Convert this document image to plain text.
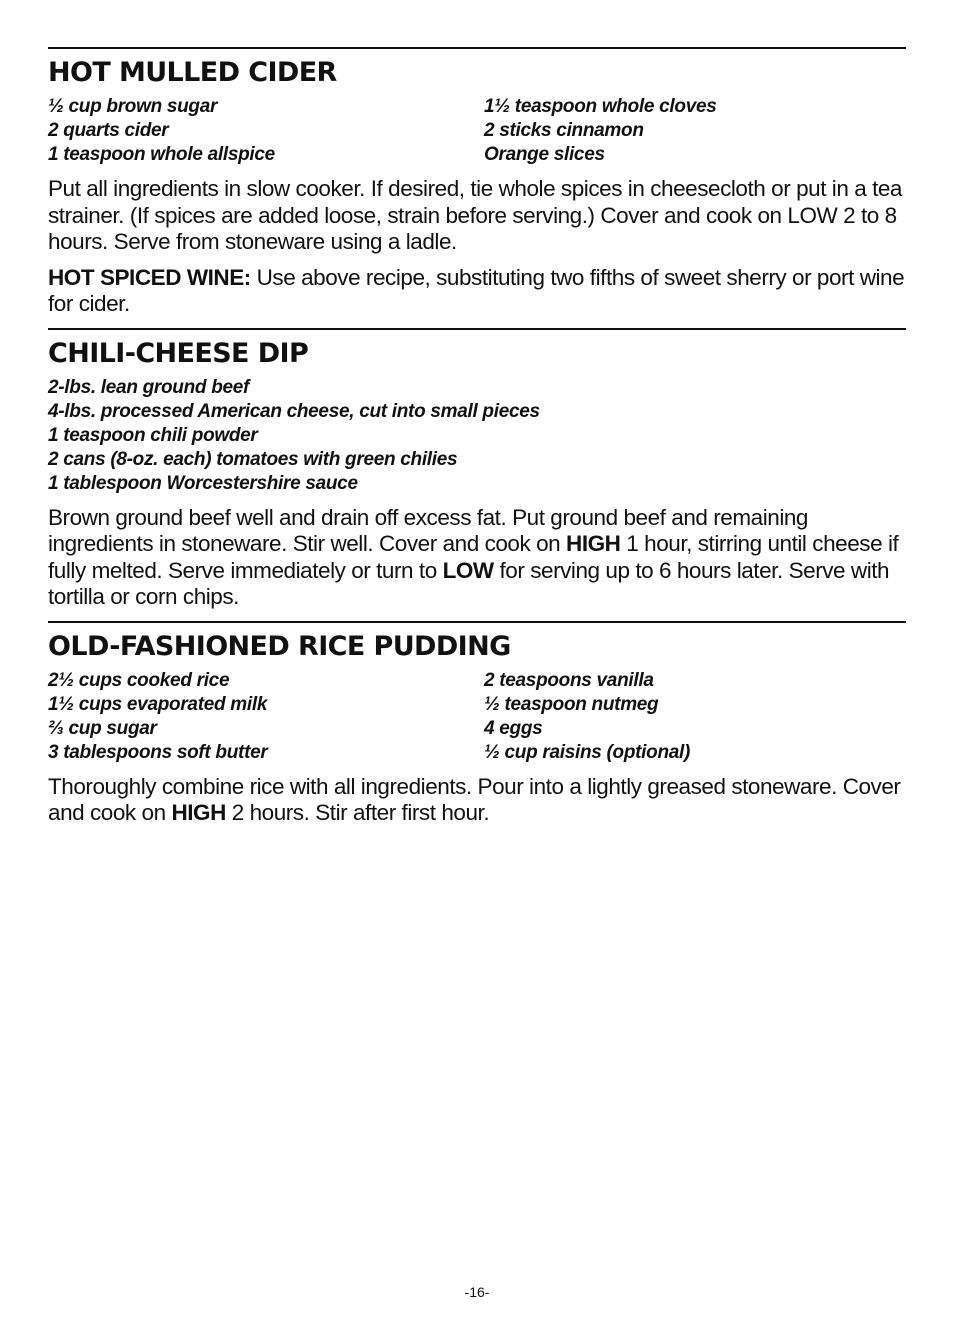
HOT MULLED CIDER
½ cup brown sugar
2 quarts cider
1 teaspoon whole allspice
1½ teaspoon whole cloves
2 sticks cinnamon
Orange slices

Put all ingredients in slow cooker. If desired, tie whole spices in cheesecloth or put in a tea strainer. (If spices are added loose, strain before serving.) Cover and cook on LOW 2 to 8 hours. Serve from stoneware using a ladle.

HOT SPICED WINE: Use above recipe, substituting two fifths of sweet sherry or port wine for cider.

CHILI-CHEESE DIP
2-lbs. lean ground beef
4-lbs. processed American cheese, cut into small pieces
1 teaspoon chili powder
2 cans (8-oz. each) tomatoes with green chilies
1 tablespoon Worcestershire sauce

Brown ground beef well and drain off excess fat. Put ground beef and remaining ingredients in stoneware. Stir well. Cover and cook on HIGH 1 hour, stirring until cheese if fully melted. Serve immediately or turn to LOW for serving up to 6 hours later. Serve with tortilla or corn chips.

OLD-FASHIONED RICE PUDDING
2½ cups cooked rice
1½ cups evaporated milk
⅔ cup sugar
3 tablespoons soft butter
2 teaspoons vanilla
½ teaspoon nutmeg
4 eggs
½ cup raisins (optional)

Thoroughly combine rice with all ingredients. Pour into a lightly greased stoneware. Cover and cook on HIGH 2 hours. Stir after first hour.

-16-
